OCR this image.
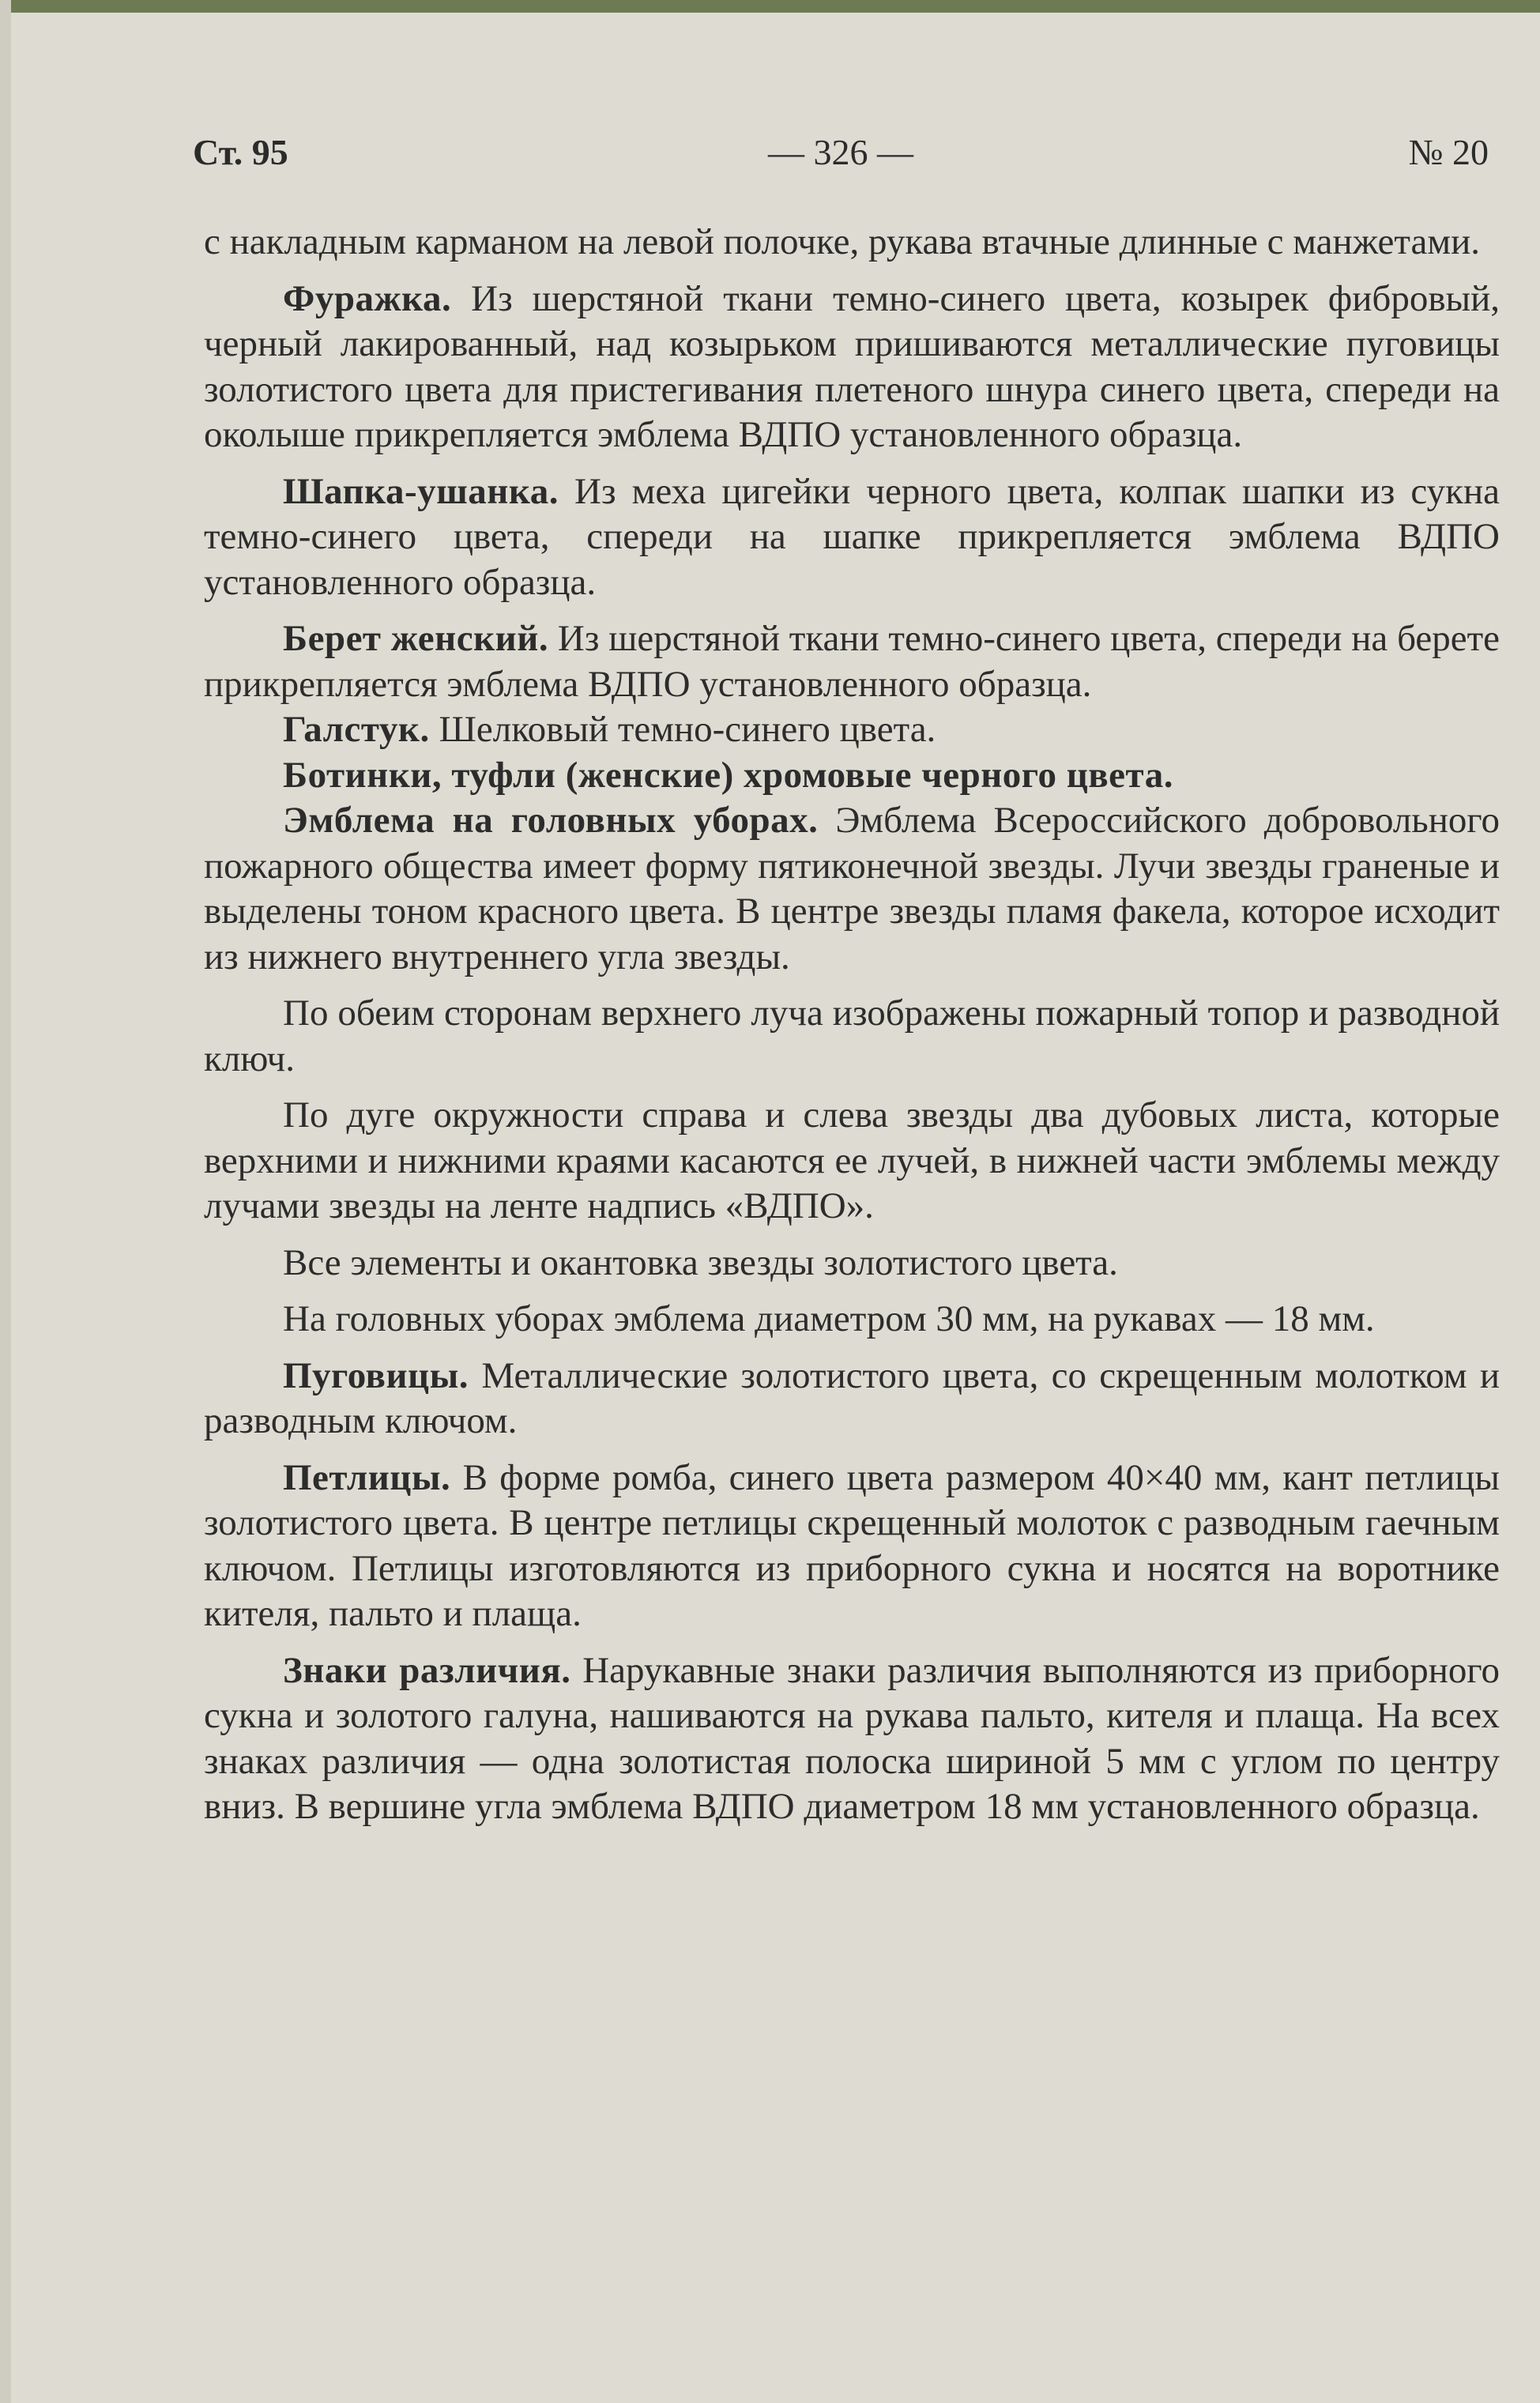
Ст. 95	— 326 —	№ 20

с накладным карманом на левой полочке, рукава втачные длинные с манжетами.

Фуражка. Из шерстяной ткани темно-синего цвета, козырек фибровый, черный лакированный, над козырьком пришиваются металлические пуговицы золотистого цвета для пристегивания плетеного шнура синего цвета, спереди на околыше прикрепляется эмблема ВДПО установленного образца.

Шапка-ушанка. Из меха цигейки черного цвета, колпак шапки из сукна темно-синего цвета, спереди на шапке прикрепляется эмблема ВДПО установленного образца.

Берет женский. Из шерстяной ткани темно-синего цвета, спереди на берете прикрепляется эмблема ВДПО установленного образца.

Галстук. Шелковый темно-синего цвета.

Ботинки, туфли (женские) хромовые черного цвета.

Эмблема на головных уборах. Эмблема Всероссийского добровольного пожарного общества имеет форму пятиконечной звезды. Лучи звезды граненые и выделены тоном красного цвета. В центре звезды пламя факела, которое исходит из нижнего внутреннего угла звезды.

По обеим сторонам верхнего луча изображены пожарный топор и разводной ключ.

По дуге окружности справа и слева звезды два дубовых листа, которые верхними и нижними краями касаются ее лучей, в нижней части эмблемы между лучами звезды на ленте надпись «ВДПО».

Все элементы и окантовка звезды золотистого цвета.

На головных уборах эмблема диаметром 30 мм, на рукавах — 18 мм.

Пуговицы. Металлические золотистого цвета, со скрещенным молотком и разводным ключом.

Петлицы. В форме ромба, синего цвета размером 40×40 мм, кант петлицы золотистого цвета. В центре петлицы скрещенный молоток с разводным гаечным ключом. Петлицы изготовляются из приборного сукна и носятся на воротнике кителя, пальто и плаща.

Знаки различия. Нарукавные знаки различия выполняются из приборного сукна и золотого галуна, нашиваются на рукава пальто, кителя и плаща. На всех знаках различия — одна золотистая полоска шириной 5 мм с углом по центру вниз. В вершине угла эмблема ВДПО диаметром 18 мм установленного образца.
